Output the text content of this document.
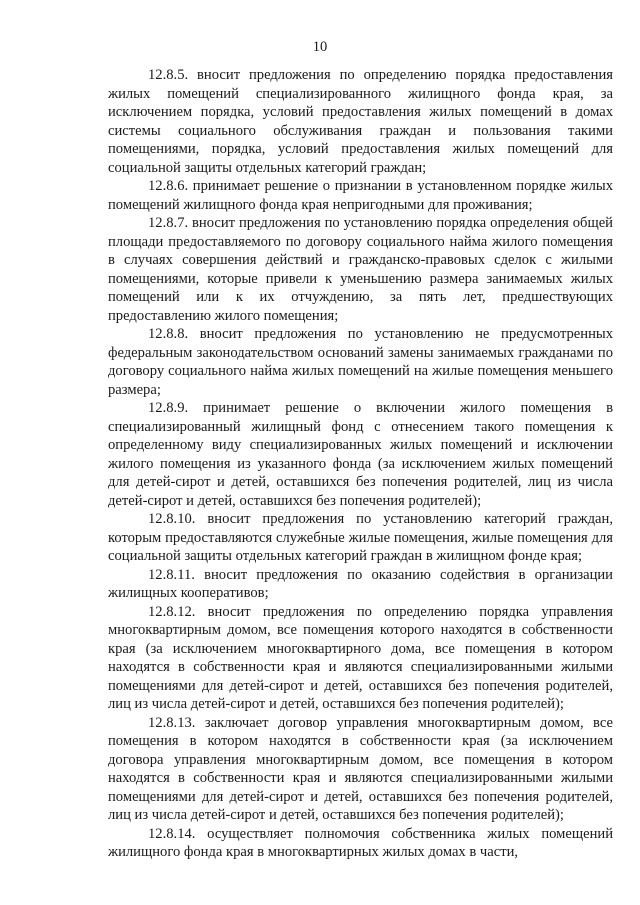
10

12.8.5. вносит предложения по определению порядка предоставления жилых помещений специализированного жилищного фонда края, за исключением порядка, условий предоставления жилых помещений в домах системы социального обслуживания граждан и пользования такими помещениями, порядка, условий предоставления жилых помещений для социальной защиты отдельных категорий граждан;

12.8.6. принимает решение о признании в установленном порядке жилых помещений жилищного фонда края непригодными для проживания;

12.8.7. вносит предложения по установлению порядка определения общей площади предоставляемого по договору социального найма жилого помещения в случаях совершения действий и гражданско-правовых сделок с жилыми помещениями, которые привели к уменьшению размера занимаемых жилых помещений или к их отчуждению, за пять лет, предшествующих предоставлению жилого помещения;

12.8.8. вносит предложения по установлению не предусмотренных федеральным законодательством оснований замены занимаемых гражданами по договору социального найма жилых помещений на жилые помещения меньшего размера;

12.8.9. принимает решение о включении жилого помещения в специализированный жилищный фонд с отнесением такого помещения к определенному виду специализированных жилых помещений и исключении жилого помещения из указанного фонда (за исключением жилых помещений для детей-сирот и детей, оставшихся без попечения родителей, лиц из числа детей-сирот и детей, оставшихся без попечения родителей);

12.8.10. вносит предложения по установлению категорий граждан, которым предоставляются служебные жилые помещения, жилые помещения для социальной защиты отдельных категорий граждан в жилищном фонде края;

12.8.11. вносит предложения по оказанию содействия в организации жилищных кооперативов;

12.8.12. вносит предложения по определению порядка управления многоквартирным домом, все помещения которого находятся в собственности края (за исключением многоквартирного дома, все помещения в котором находятся в собственности края и являются специализированными жилыми помещениями для детей-сирот и детей, оставшихся без попечения родителей, лиц из числа детей-сирот и детей, оставшихся без попечения родителей);

12.8.13. заключает договор управления многоквартирным домом, все помещения в котором находятся в собственности края (за исключением договора управления многоквартирным домом, все помещения в котором находятся в собственности края и являются специализированными жилыми помещениями для детей-сирот и детей, оставшихся без попечения родителей, лиц из числа детей-сирот и детей, оставшихся без попечения родителей);

12.8.14. осуществляет полномочия собственника жилых помещений жилищного фонда края в многоквартирных жилых домах в части,
